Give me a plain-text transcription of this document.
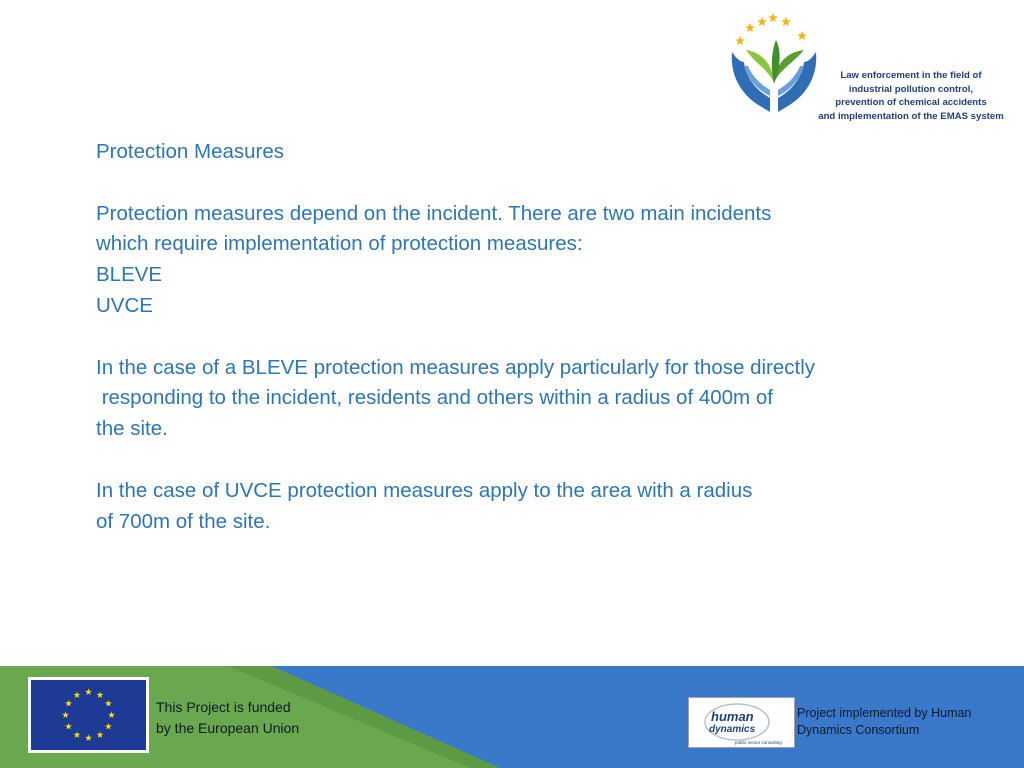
Law enforcement in the field of
industrial pollution control,
prevention of chemical accidents
and implementation of the EMAS system

Protection Measures

Protection measures depend on the incident. There are two main incidents

which require implementation of protection measures:

BLEVE

UVCE

In the case of a BLEVE protection measures apply particularly for those directly

responding to the incident, residents and others within a radius of 400m of

the site.

In the case of UVCE protection measures apply to the area with a radius

of 700m of the site.

This Project is funded
by the European Union
human
dynamics
public sector consulting
Project implemented by Human
Dynamics Consortium
